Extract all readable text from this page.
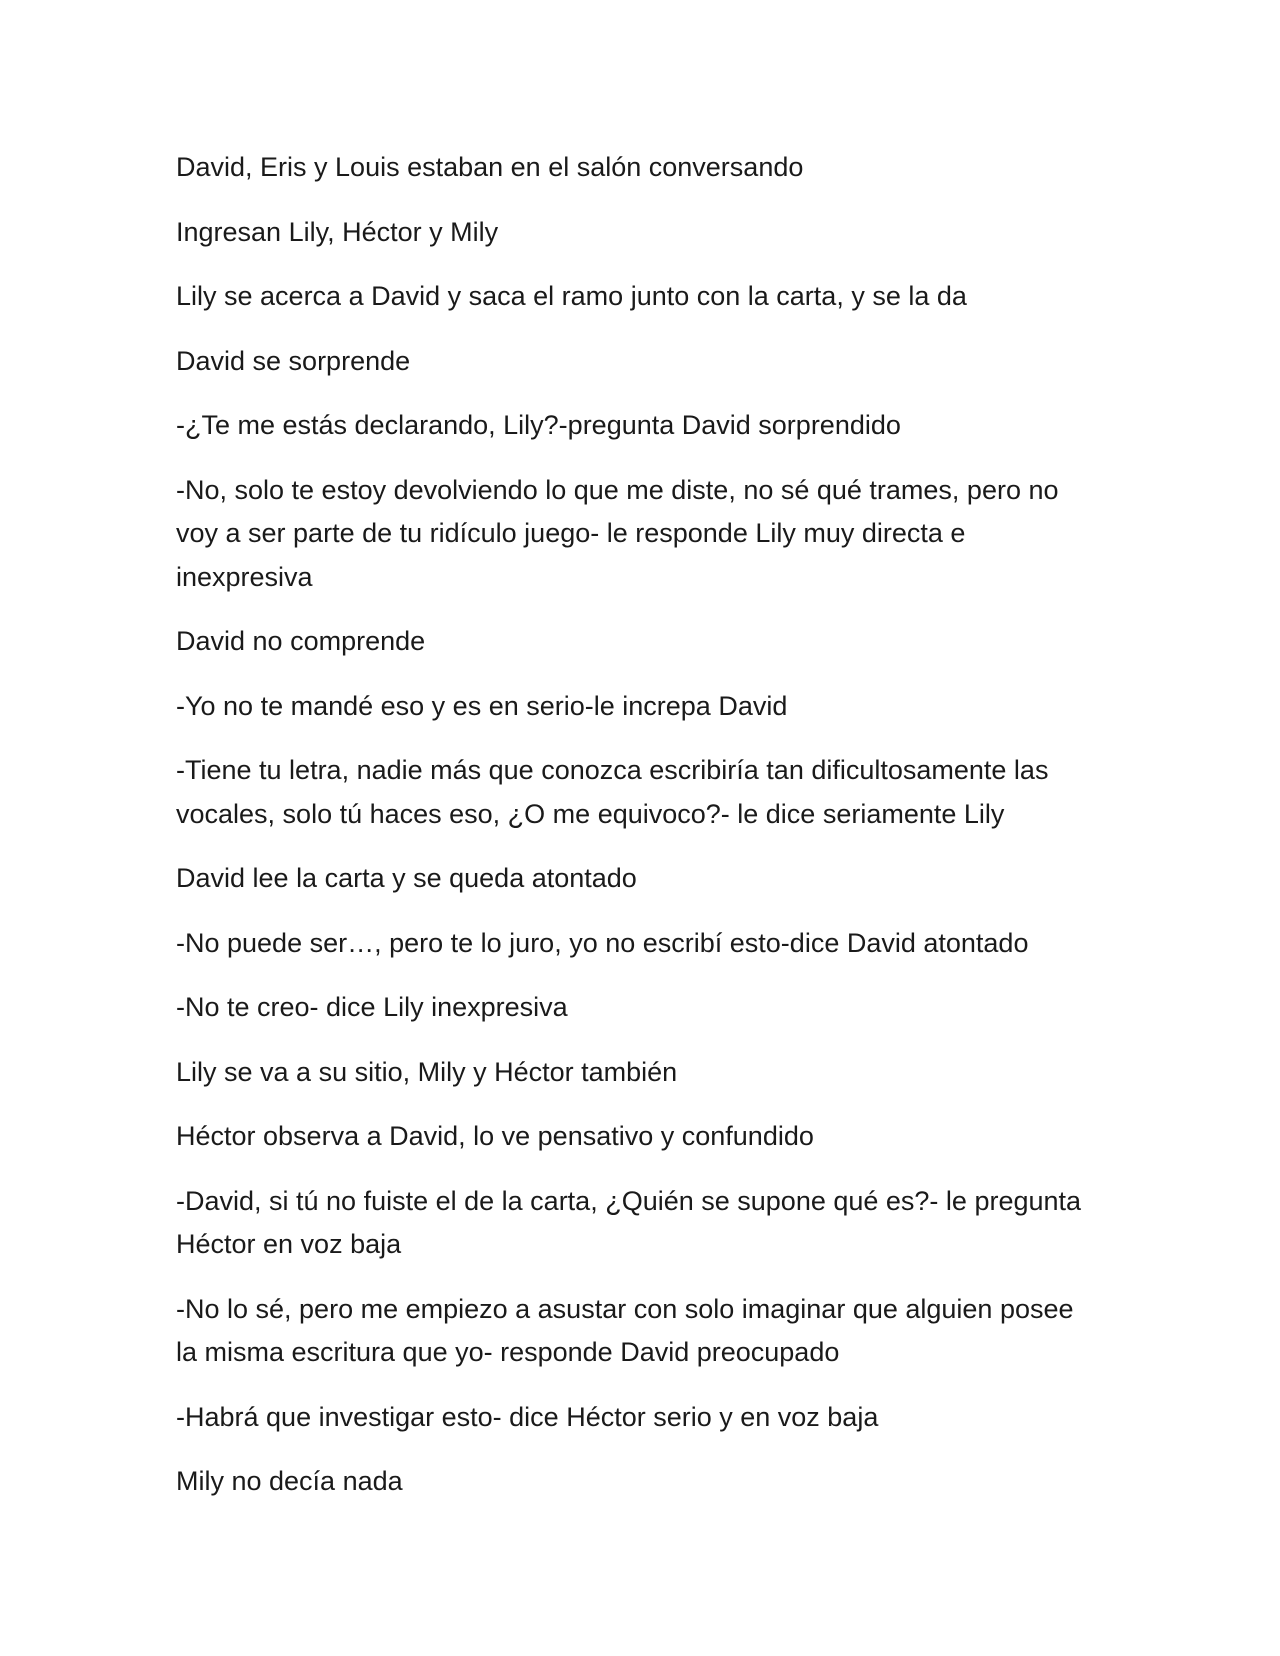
David, Eris y Louis estaban en el salón conversando

Ingresan Lily, Héctor y Mily

Lily se acerca a David y saca el ramo junto con la carta, y se la da

David se sorprende

-¿Te me estás declarando, Lily?-pregunta David sorprendido

-No, solo te estoy devolviendo lo que me diste, no sé qué trames, pero no voy a ser parte de tu ridículo juego- le responde Lily muy directa e inexpresiva

David no comprende

-Yo no te mandé eso y es en serio-le increpa David

-Tiene tu letra, nadie más que conozca escribiría tan dificultosamente las vocales, solo tú haces eso, ¿O me equivoco?- le dice seriamente Lily

David lee la carta y se queda atontado

-No puede ser…, pero te lo juro, yo no escribí esto-dice David atontado

-No te creo- dice Lily inexpresiva

Lily se va a su sitio, Mily y Héctor también

Héctor observa a David, lo ve pensativo y confundido

-David, si tú no fuiste el de la carta, ¿Quién se supone qué es?- le pregunta Héctor en voz baja

-No lo sé, pero me empiezo a asustar con solo imaginar que alguien posee la misma escritura que yo- responde David preocupado

-Habrá que investigar esto- dice Héctor serio y en voz baja

Mily no decía nada
